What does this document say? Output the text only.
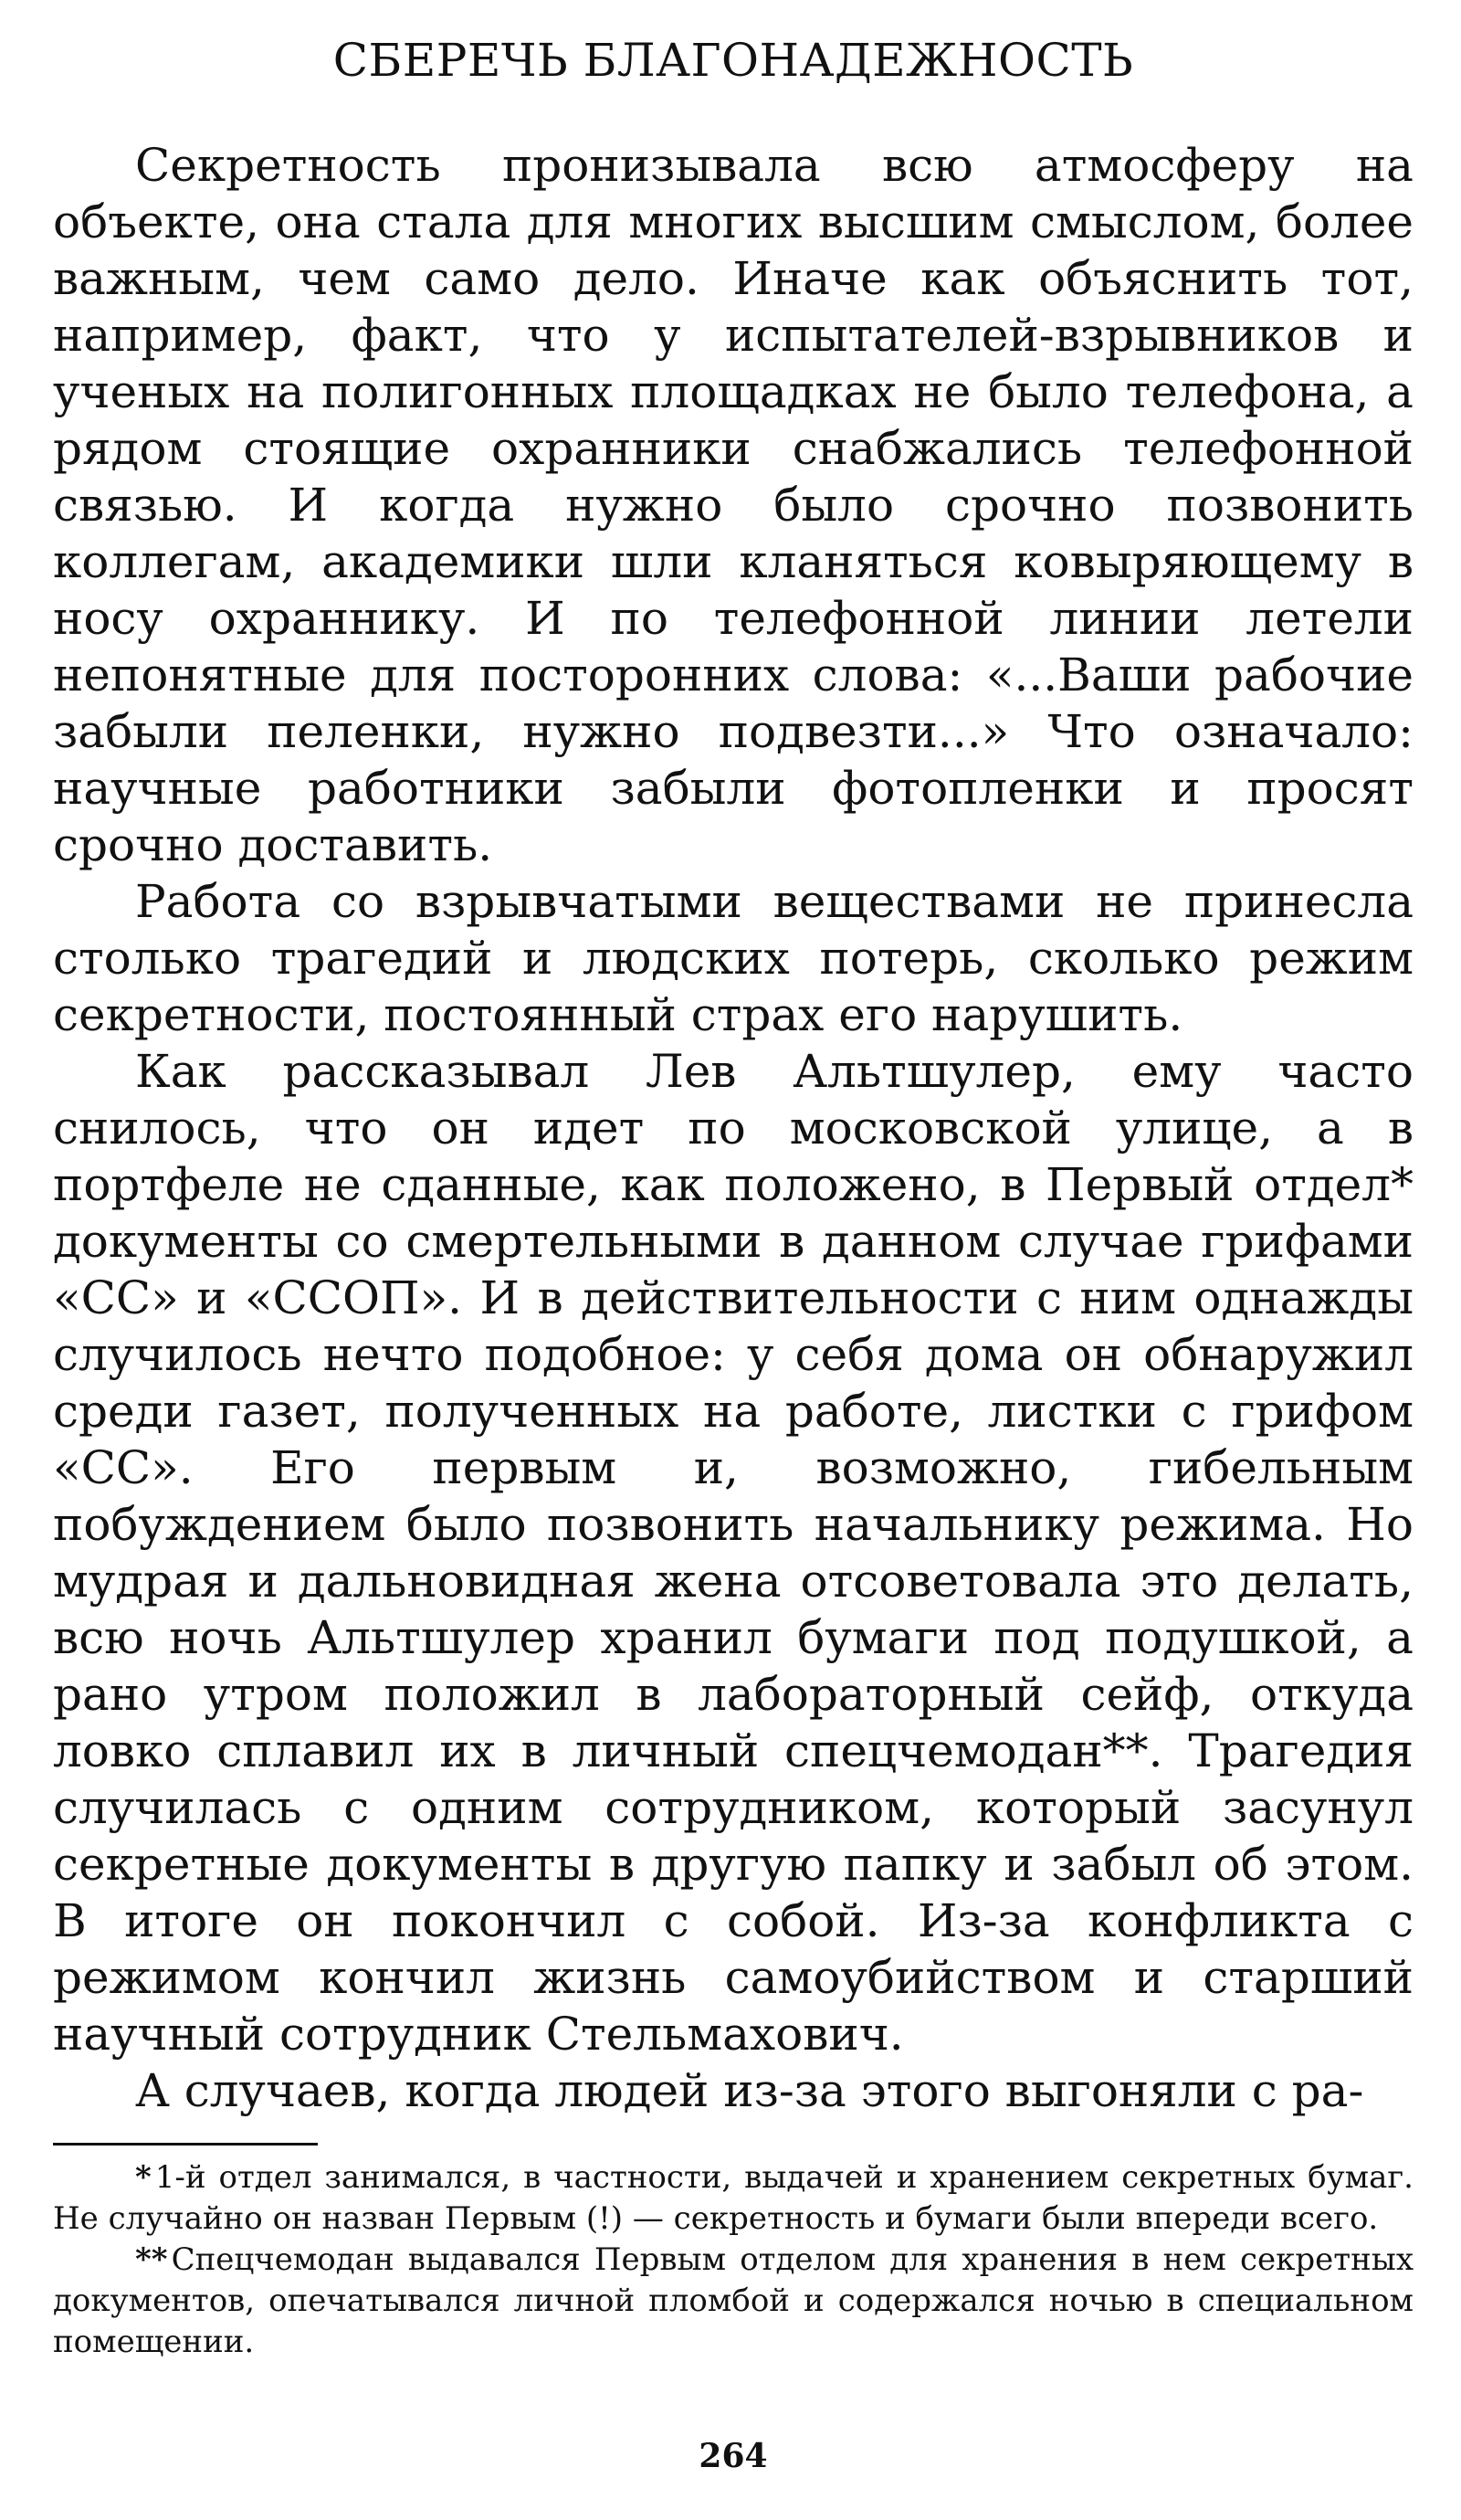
СБЕРЕЧЬ БЛАГОНАДЕЖНОСТЬ

Секретность пронизывала всю атмосферу на объекте, она стала для многих высшим смыслом, более важным, чем само дело. Иначе как объяснить тот, например, факт, что у испытателей-взрывников и ученых на полигонных площадках не было телефона, а рядом стоящие охранники снабжались телефонной связью. И когда нужно было срочно позвонить коллегам, академики шли кланяться ковыряющему в носу охраннику. И по телефонной линии летели непонятные для посторонних слова: «...Ваши рабочие забыли пеленки, нужно подвезти...» Что означало: научные работники забыли фотопленки и просят срочно доставить.

Работа со взрывчатыми веществами не принесла столько трагедий и людских потерь, сколько режим секретности, постоянный страх его нарушить.

Как рассказывал Лев Альтшулер, ему часто снилось, что он идет по московской улице, а в портфеле не сданные, как положено, в Первый отдел* документы со смертельными в данном случае грифами «СС» и «ССОП». И в действительности с ним однажды случилось нечто подобное: у себя дома он обнаружил среди газет, полученных на работе, листки с грифом «СС». Его первым и, возможно, гибельным побуждением было позвонить начальнику режима. Но мудрая и дальновидная жена отсоветовала это делать, всю ночь Альтшулер хранил бумаги под подушкой, а рано утром положил в лабораторный сейф, откуда ловко сплавил их в личный спецчемодан**. Трагедия случилась с одним сотрудником, который засунул секретные документы в другую папку и забыл об этом. В итоге он покончил с собой. Из-за конфликта с режимом кончил жизнь самоубийством и старший научный сотрудник Стельмахович.

А случаев, когда людей из-за этого выгоняли с ра-

* 1-й отдел занимался, в частности, выдачей и хранением секретных бумаг. Не случайно он назван Первым (!) — секретность и бумаги были впереди всего.

** Спецчемодан выдавался Первым отделом для хранения в нем секретных документов, опечатывался личной пломбой и содержался ночью в специальном помещении.

264
